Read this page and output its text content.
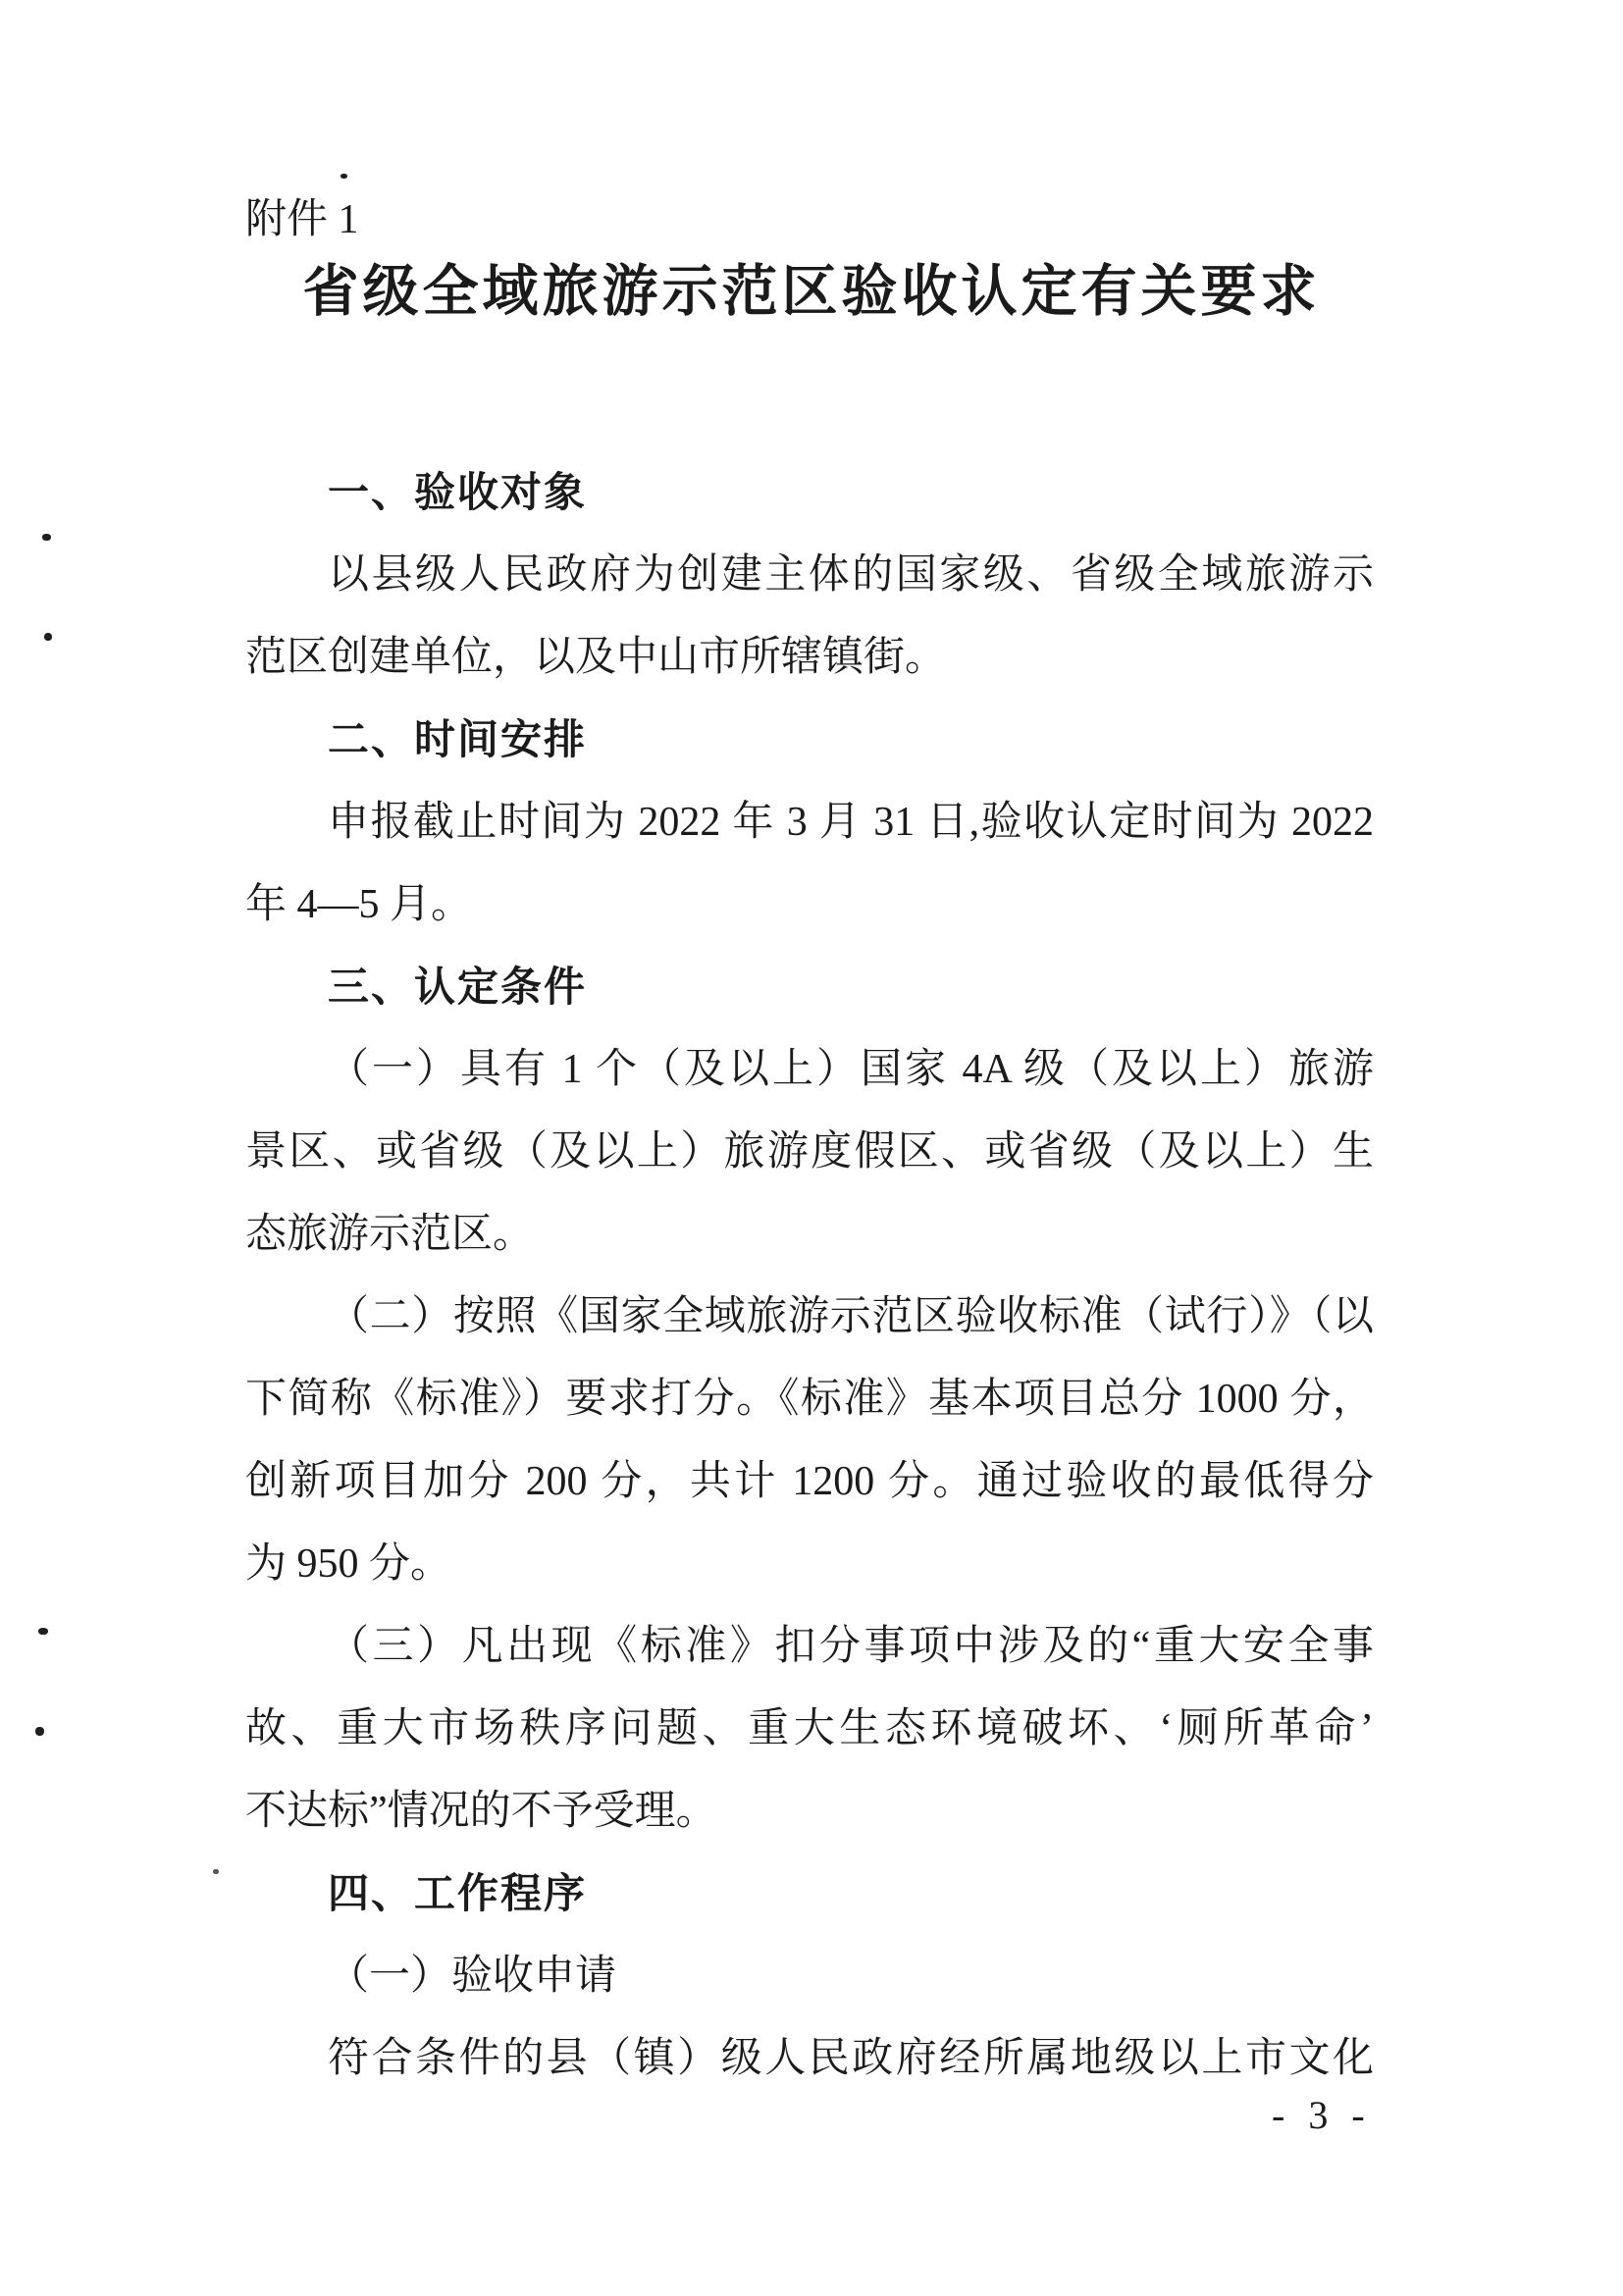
附件 1
省级全域旅游示范区验收认定有关要求
一、验收对象
以县级人民政府为创建主体的国家级、省级全域旅游示
范区创建单位，以及中山市所辖镇街。
二、时间安排
申报截止时间为 2022 年 3 月 31 日,验收认定时间为 2022
年 4—5 月。
三、认定条件
（一）具有 1 个（及以上）国家 4A 级（及以上）旅游
景区、或省级（及以上）旅游度假区、或省级（及以上）生
态旅游示范区。
（二）按照《国家全域旅游示范区验收标准（试行）》（以
下简称《标准》）要求打分。《标准》基本项目总分 1000 分，
创新项目加分 200 分，共计 1200 分。通过验收的最低得分
为 950 分。
（三）凡出现《标准》扣分事项中涉及的“重大安全事
故、重大市场秩序问题、重大生态环境破坏、‘厕所革命’
不达标”情况的不予受理。
四、工作程序
（一）验收申请
符合条件的县（镇）级人民政府经所属地级以上市文化
- 3 -
